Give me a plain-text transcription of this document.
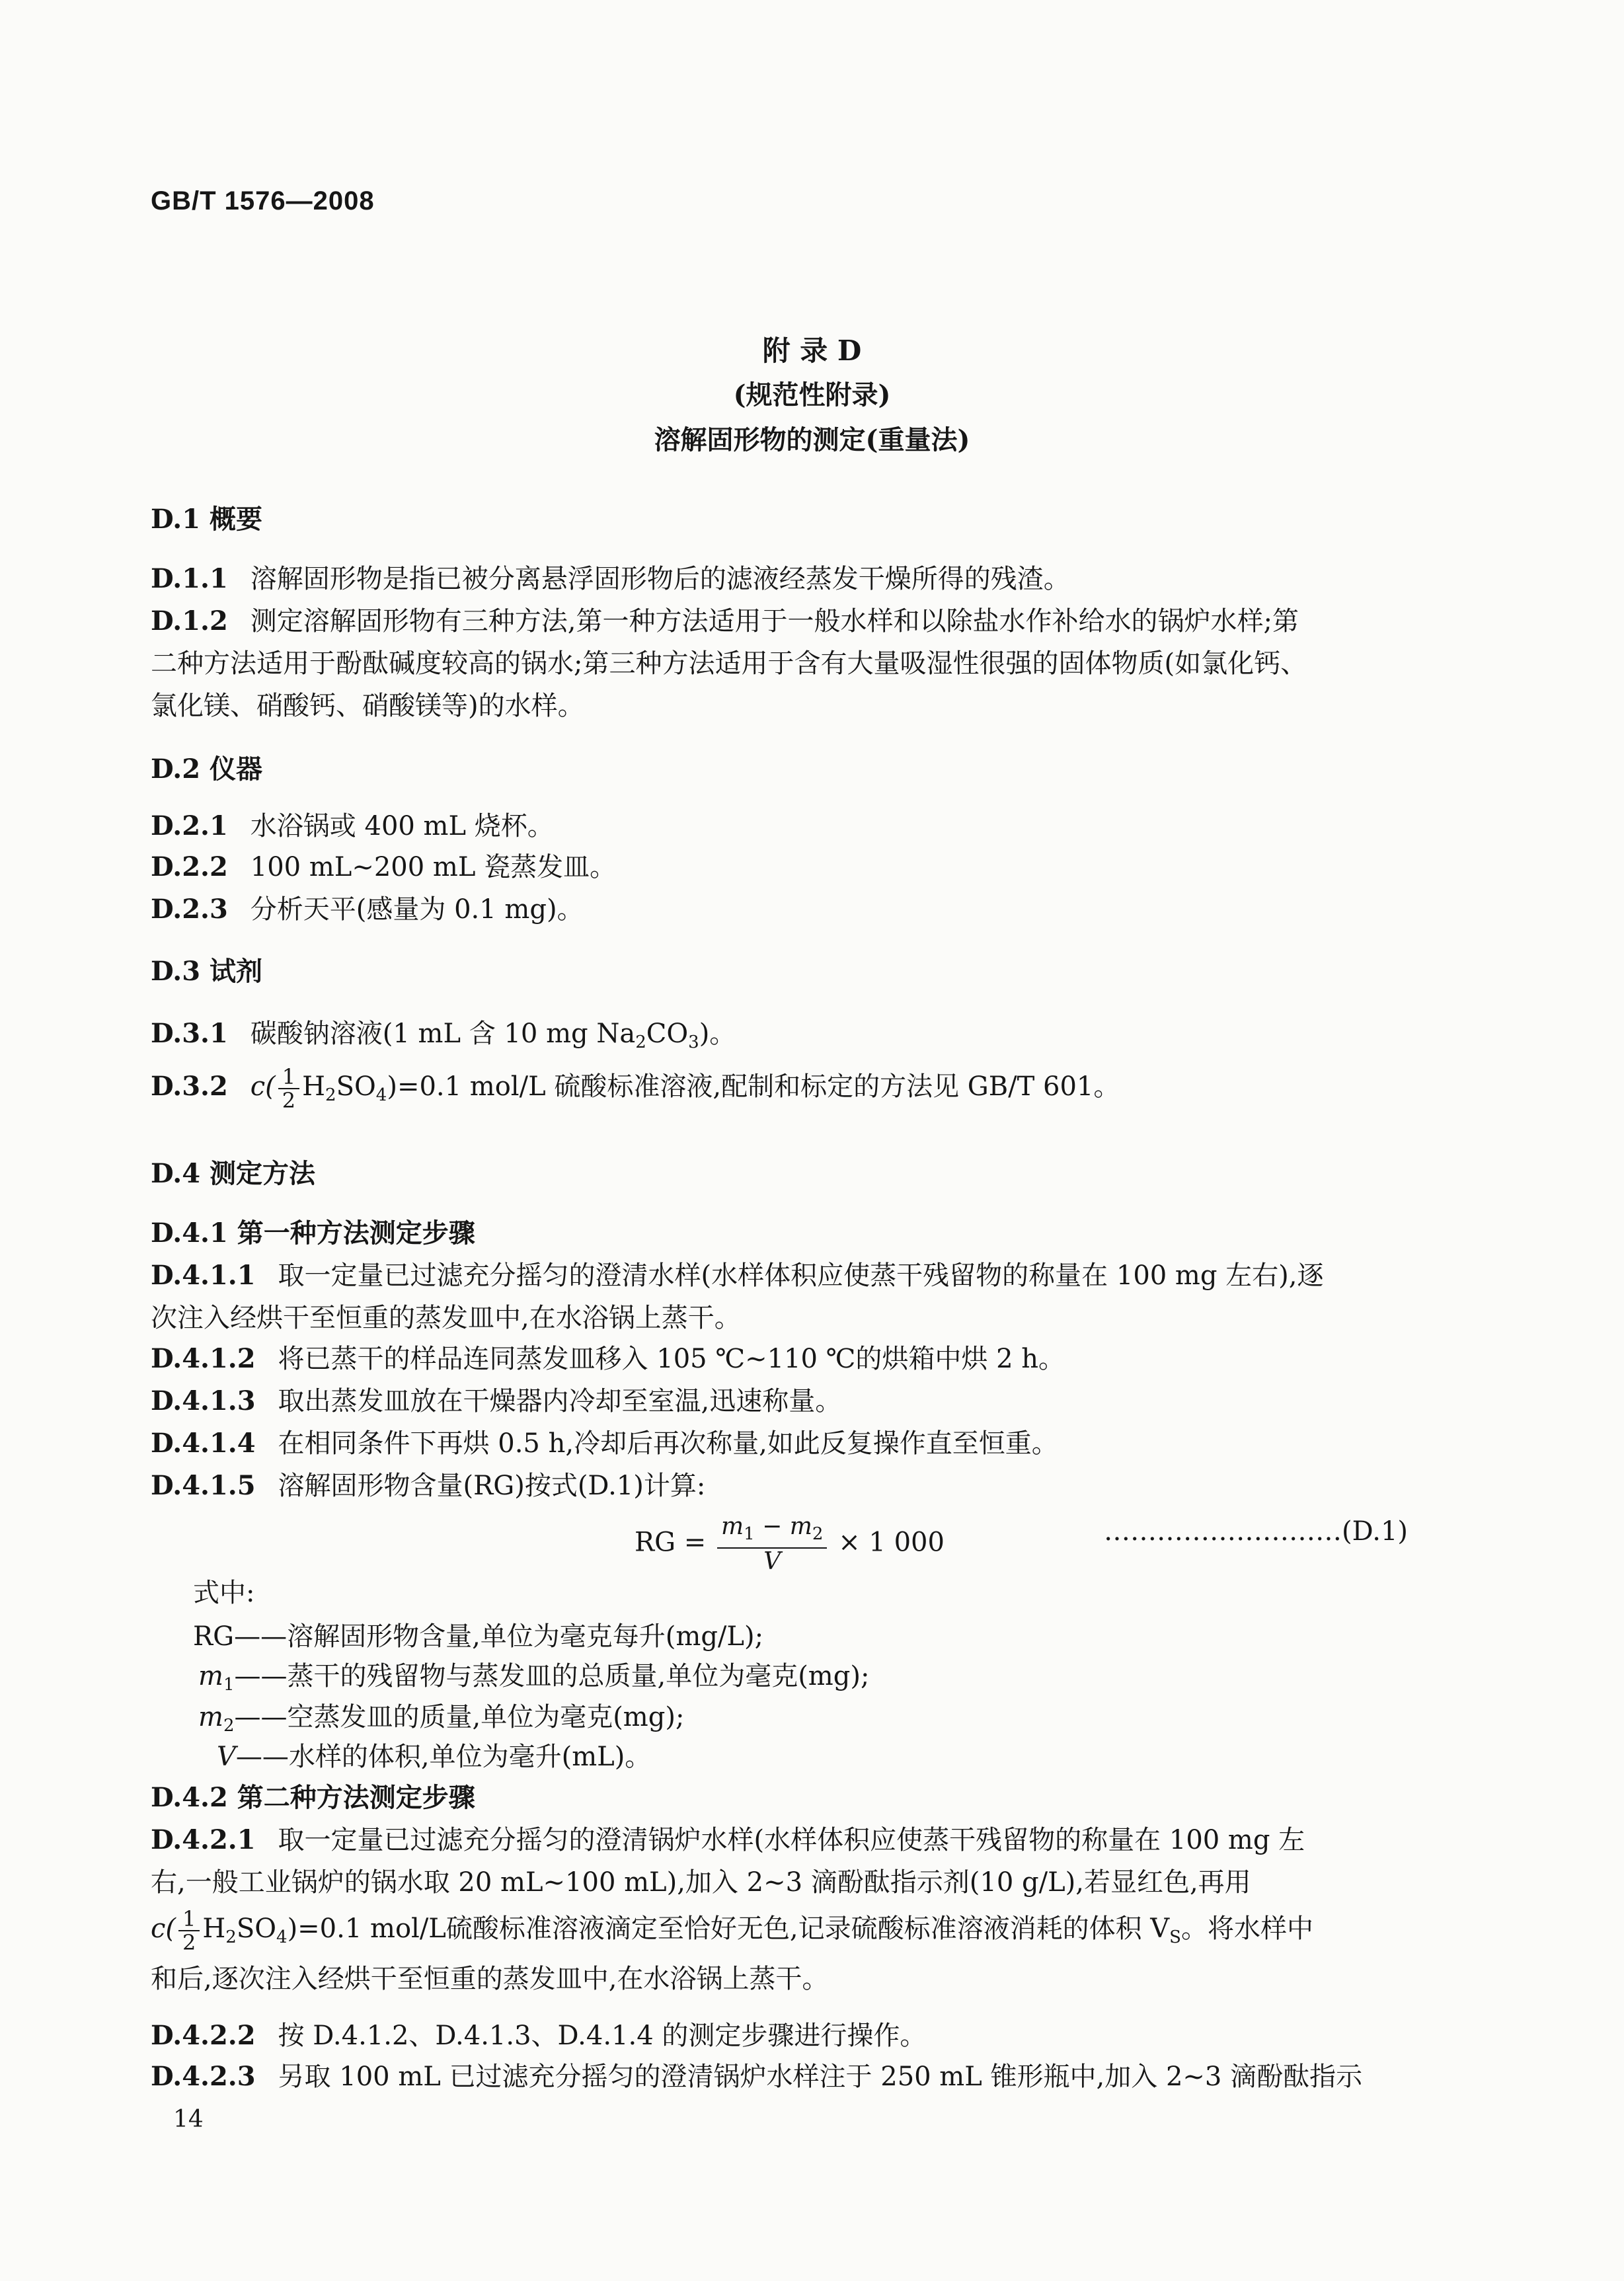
GB/T 1576—2008
附 录 D
(规范性附录)
溶解固形物的测定(重量法)
D.1 概要
D.1.1 溶解固形物是指已被分离悬浮固形物后的滤液经蒸发干燥所得的残渣。
D.1.2 测定溶解固形物有三种方法,第一种方法适用于一般水样和以除盐水作补给水的锅炉水样;第
二种方法适用于酚酞碱度较高的锅水;第三种方法适用于含有大量吸湿性很强的固体物质(如氯化钙、
氯化镁、硝酸钙、硝酸镁等)的水样。
D.2 仪器
D.2.1 水浴锅或 400 mL 烧杯。
D.2.2 100 mL~200 mL 瓷蒸发皿。
D.2.3 分析天平(感量为 0.1 mg)。
D.3 试剂
D.3.1 碳酸钠溶液(1 mL 含 10 mg $Na_2CO_3$)。
D.3.2 $c( \frac{1}{2} H_2SO_4)=0.1$ mol/L 硫酸标准溶液,配制和标定的方法见 GB/T 601。
D.4 测定方法
D.4.1 第一种方法测定步骤
D.4.1.1 取一定量已过滤充分摇匀的澄清水样(水样体积应使蒸干残留物的称量在 100 mg 左右),逐
次注入经烘干至恒重的蒸发皿中,在水浴锅上蒸干。
D.4.1.2 将已蒸干的样品连同蒸发皿移入 105 ℃~110 ℃的烘箱中烘 2 h。
D.4.1.3 取出蒸发皿放在干燥器内冷却至室温,迅速称量。
D.4.1.4 在相同条件下再烘 0.5 h,冷却后再次称量,如此反复操作直至恒重。
D.4.1.5 溶解固形物含量(RG)按式(D.1)计算:
RG = $\frac{m_1 - m_2}{V} \times 1$ 000	………………………(D.1)
式中:
RG——溶解固形物含量,单位为毫克每升(mg/L);
$m_1——$蒸干的残留物与蒸发皿的总质量,单位为毫克(mg);
$m_2——$空蒸发皿的质量,单位为毫克(mg);
V——水样的体积,单位为毫升(mL)。
D.4.2 第二种方法测定步骤
D.4.2.1 取一定量已过滤充分摇匀的澄清锅炉水样(水样体积应使蒸干残留物的称量在 100 mg 左
右,一般工业锅炉的锅水取 20 mL~100 mL),加入 2~3 滴酚酞指示剂(10 g/L),若显红色,再用
$c( \frac{1}{2} H_2SO_4)=0.1$ mol/L硫酸标准溶液滴定至恰好无色,记录硫酸标准溶液消耗的体积 $V_S$。将水样中
和后,逐次注入经烘干至恒重的蒸发皿中,在水浴锅上蒸干。
D.4.2.2 按 D.4.1.2、D.4.1.3、D.4.1.4 的测定步骤进行操作。
D.4.2.3 另取 100 mL 已过滤充分摇匀的澄清锅炉水样注于 250 mL 锥形瓶中,加入 2~3 滴酚酞指示
14
